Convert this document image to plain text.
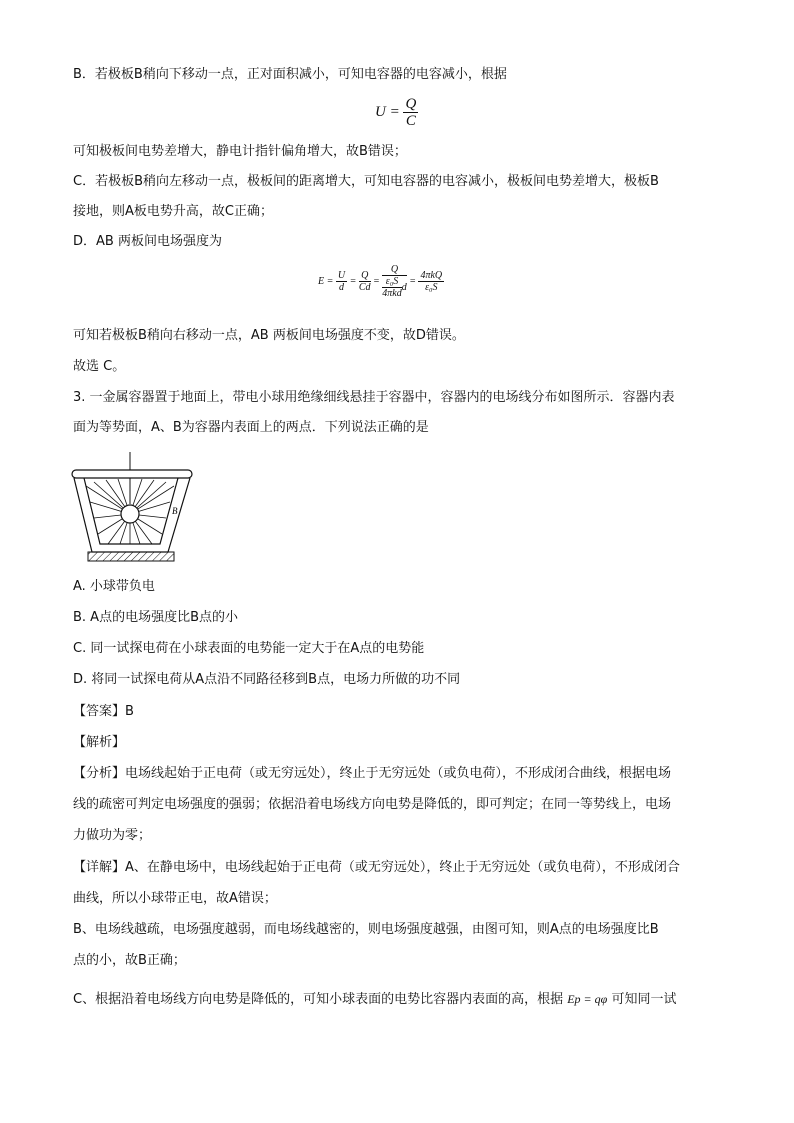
B．若极板B稍向下移动一点，正对面积减小，可知电容器的电容减小，根据
$U = \frac{Q}{C}$
可知极板间电势差增大，静电计指针偏角增大，故B错误；
C．若极板B稍向左移动一点，极板间的距离增大，可知电容器的电容减小，极板间电势差增大，极板B
接地，则A板电势升高，故C正确；
D．AB 两板间电场强度为
$E = \frac{U}{d} = \frac{Q}{Cd} = \frac{Q}{\frac{\text{ε₀S}}{\text{4πkd}} d} = \frac{\text{4πkQ}}{\text{ε₀S}}$
可知若极板B稍向右移动一点，AB 两板间电场强度不变，故D错误。
故选 C。
3. 一金属容器置于地面上，带电小球用绝缘细线悬挂于容器中，容器内的电场线分布如图所示．容器内表
面为等势面，A、B为容器内表面上的两点．下列说法正确的是
B
A. 小球带负电
B. A点的电场强度比B点的小
C. 同一试探电荷在小球表面的电势能一定大于在A点的电势能
D. 将同一试探电荷从A点沿不同路径移到B点，电场力所做的功不同
【答案】B
【解析】
【分析】电场线起始于正电荷（或无穷远处），终止于无穷远处（或负电荷），不形成闭合曲线，根据电场
线的疏密可判定电场强度的强弱；依据沿着电场线方向电势是降低的，即可判定；在同一等势线上，电场
力做功为零；
【详解】A、在静电场中，电场线起始于正电荷（或无穷远处），终止于无穷远处（或负电荷），不形成闭合
曲线，所以小球带正电，故A错误；
B、电场线越疏，电场强度越弱，而电场线越密的，则电场强度越强，由图可知，则A点的电场强度比B
点的小，故B正确；
C、根据沿着电场线方向电势是降低的，可知小球表面的电势比容器内表面的高，根据 Ep = qφ 可知同一试
